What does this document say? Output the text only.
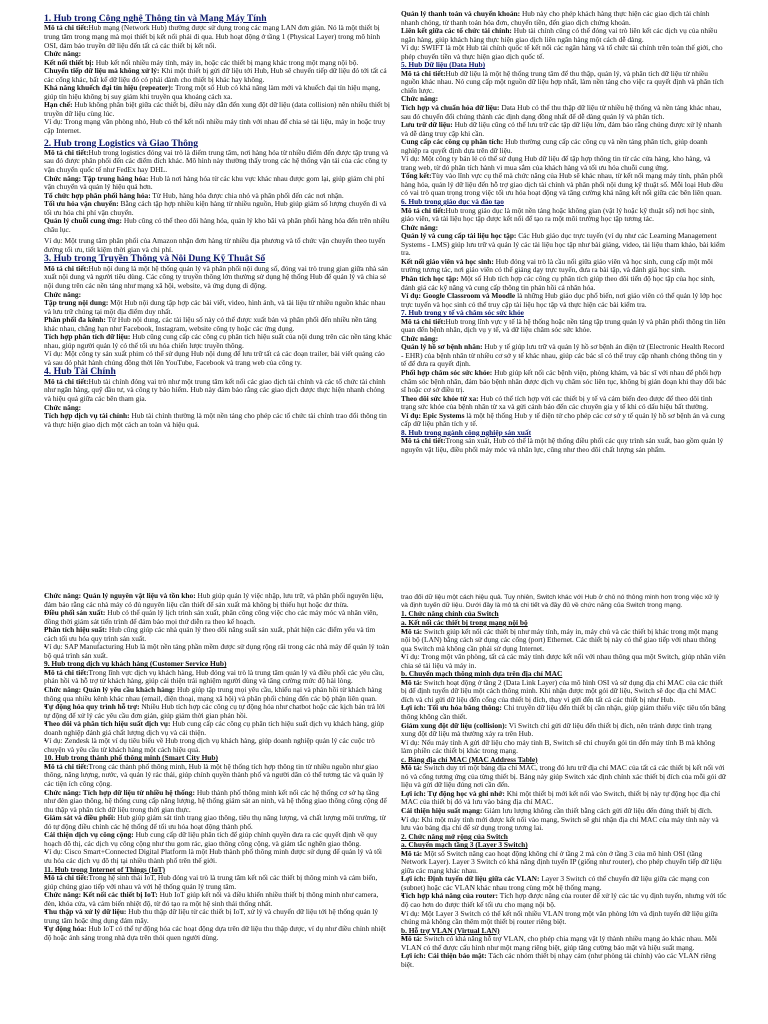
1. Hub trong Công nghệ Thông tin và Mạng Máy Tính

Mô tả chi tiết:Hub mạng (Network Hub) thường được sử dụng trong các mạng LAN đơn giản. Nó là một thiết bị trung tâm trong mạng mà mọi thiết bị kết nối phải đi qua. Hub hoạt động ở tầng 1 (Physical Layer) trong mô hình OSI, đảm bảo truyền dữ liệu đến tất cả các thiết bị kết nối.

Chức năng:

Kết nối thiết bị: Hub kết nối nhiều máy tính, máy in, hoặc các thiết bị mạng khác trong một mạng nội bộ.

Chuyển tiếp dữ liệu mà không xử lý: Khi một thiết bị gửi dữ liệu tới Hub, Hub sẽ chuyển tiếp dữ liệu đó tới tất cả các cổng khác, bất kể dữ liệu đó có phải dành cho thiết bị khác hay không.

Khả năng khuếch đại tín hiệu (repeater): Trong một số Hub có khả năng làm mới và khuếch đại tín hiệu mạng, giúp tín hiệu không bị suy giảm khi truyền qua khoảng cách xa.

Hạn chế: Hub không phân biệt giữa các thiết bị, điều này dẫn đến xung đột dữ liệu (data collision) nên nhiều thiết bị truyền dữ liệu cùng lúc.

Ví dụ: Trong mạng văn phòng nhỏ, Hub có thể kết nối nhiều máy tính với nhau để chia sẻ tài liệu, máy in hoặc truy cập Internet.

2. Hub trong Logistics và Giao Thông

Mô tả chi tiết:Hub trong logistics đóng vai trò là điểm trung tâm, nơi hàng hóa từ nhiều điểm đến được tập trung và sau đó được phân phối đến các điểm đích khác. Mô hình này thường thấy trong các hệ thống vận tải của các công ty vận chuyển quốc tế như FedEx hay DHL.

Chức năng: Tập trung hàng hóa: Hub là nơi hàng hóa từ các khu vực khác nhau được gom lại, giúp giảm chi phí vận chuyển và quản lý hiệu quả hơn.

Tổ chức hợp phân phối hàng hóa: Từ Hub, hàng hóa được chia nhỏ và phân phối đến các nơi nhận.

Tối ưu hóa vận chuyển: Bằng cách tập hợp nhiều kiện hàng từ nhiều nguồn, Hub giúp giảm số lượng chuyến đi và tối ưu hóa chi phí vận chuyển.

Quản lý chuỗi cung ứng: Hub cũng có thể theo dõi hàng hóa, quản lý kho bãi và phân phối hàng hóa đến trên nhiều châu lục.

Ví dụ: Một trung tâm phân phối của Amazon nhận đơn hàng từ nhiều địa phương và tổ chức vận chuyển theo tuyến đường tối ưu, tiết kiệm thời gian và chi phí.

3. Hub trong Truyền Thông và Nội Dung Kỹ Thuật Số

Mô tả chi tiết:Hub nội dung là một hệ thống quản lý và phân phối nội dung số, đóng vai trò trung gian giữa nhà sản xuất nội dung và người tiêu dùng. Các công ty truyền thông lớn thường sử dụng hệ thống Hub để quản lý và chia sẻ nội dung trên các nền tảng như mạng xã hội, website, và ứng dụng di động.

Chức năng:

Tập trung nội dung: Một Hub nội dung tập hợp các bài viết, video, hình ảnh, và tài liệu từ nhiều nguồn khác nhau và lưu trữ chúng tại một địa điểm duy nhất.

Phân phối đa kênh: Từ Hub nội dung, các tài liệu số này có thể được xuất bản và phân phối đến nhiều nền tảng khác nhau, chẳng hạn như Facebook, Instagram, website công ty hoặc các ứng dụng.

Tích hợp phân tích dữ liệu: Hub cũng cung cấp các công cụ phân tích hiệu suất của nội dung trên các nền tảng khác nhau, giúp người quản lý có thể tối ưu hóa chiến lược truyền thông.

Ví dụ: Một công ty sản xuất phim có thể sử dụng Hub nội dung để lưu trữ tất cả các đoạn trailer, bài viết quảng cáo và sau đó phát hành chúng đồng thời lên YouTube, Facebook và trang web của công ty.

4. Hub Tài Chính

Mô tả chi tiết:Hub tài chính đóng vai trò như một trung tâm kết nối các giao dịch tài chính và các tổ chức tài chính như ngân hàng, quỹ đầu tư, và công ty bảo hiểm. Hub này đảm bảo rằng các giao dịch được thực hiện nhanh chóng và hiệu quả giữa các bên tham gia.

Chức năng:

Tích hợp dịch vụ tài chính: Hub tài chính thường là một nền tảng cho phép các tổ chức tài chính trao đổi thông tin và thực hiện giao dịch một cách an toàn và hiệu quả.

Quản lý thanh toán và chuyển khoản: Hub này cho phép khách hàng thực hiện các giao dịch tài chính nhanh chóng, từ thanh toán hóa đơn, chuyển tiền, đến giao dịch chứng khoán.

Liên kết giữa các tổ chức tài chính: Hub tài chính cũng có thể đóng vai trò liên kết các dịch vụ của nhiều ngân hàng, giúp khách hàng thực hiện giao dịch liên ngân hàng một cách dễ dàng.

Ví dụ: SWIFT là một Hub tài chính quốc tế kết nối các ngân hàng và tổ chức tài chính trên toàn thế giới, cho phép chuyển tiền và thực hiện giao dịch quốc tế.

5. Hub Dữ liệu (Data Hub)

Mô tả chi tiết:Hub dữ liệu là một hệ thống trung tâm để thu thập, quản lý, và phân tích dữ liệu từ nhiều nguồn khác nhau. Nó cung cấp một nguồn dữ liệu hợp nhất, làm nền tảng cho việc ra quyết định và phân tích chiến lược.

Chức năng:

Tích hợp và chuẩn hóa dữ liệu: Data Hub có thể thu thập dữ liệu từ nhiều hệ thống và nền tảng khác nhau, sau đó chuyển đổi chúng thành các định dạng đồng nhất để dễ dàng quản lý và phân tích.

Lưu trữ dữ liệu: Hub dữ liệu cũng có thể lưu trữ các tập dữ liệu lớn, đảm bảo rằng chúng được xử lý nhanh và dễ dàng truy cập khi cần.

Cung cấp các công cụ phân tích: Hub thường cung cấp các công cụ và nền tảng phân tích, giúp doanh nghiệp ra quyết định dựa trên dữ liệu.

Ví dụ: Một công ty bán lẻ có thể sử dụng Hub dữ liệu để tập hợp thông tin từ các cửa hàng, kho hàng, và trang web, từ đó phân tích hành vi mua sắm của khách hàng và tối ưu hóa chuỗi cung ứng.

Tổng kết:Tùy vào lĩnh vực cụ thể mà chức năng của Hub sẽ khác nhau, từ kết nối mạng máy tính, phân phối hàng hóa, quản lý dữ liệu đến hỗ trợ giao dịch tài chính và phân phối nội dung kỹ thuật số. Mỗi loại Hub đều có vai trò quan trọng trong việc tối ưu hóa hoạt động và tăng cường khả năng kết nối giữa các bên liên quan.

6. Hub trong giáo dục và đào tạo

Mô tả chi tiết:Hub trong giáo dục là một nền tảng hoặc không gian (vật lý hoặc kỹ thuật số) nơi học sinh, giáo viên, và tài liệu học tập được kết nối để tạo ra một môi trường học tập tương tác.

Chức năng:

Quản lý và cung cấp tài liệu học tập: Các Hub giáo dục trực tuyến (ví dụ như các Learning Management Systems - LMS) giúp lưu trữ và quản lý các tài liệu học tập như bài giảng, video, tài liệu tham khảo, bài kiểm tra.

Kết nối giáo viên và học sinh: Hub đóng vai trò là cầu nối giữa giáo viên và học sinh, cung cấp một môi trường tương tác, nơi giáo viên có thể giảng dạy trực tuyến, đưa ra bài tập, và đánh giá học sinh.

Phân tích học tập: Một số Hub tích hợp các công cụ phân tích giúp theo dõi tiến độ học tập của học sinh, đánh giá các kỹ năng và cung cấp thông tin phản hồi cá nhân hóa.

Ví dụ: Google Classroom và Moodle là những Hub giáo dục phổ biến, nơi giáo viên có thể quản lý lớp học trực tuyến và học sinh có thể truy cập tài liệu học tập và thực hiện các bài kiểm tra.

7. Hub trong y tế và chăm sóc sức khỏe

Mô tả chi tiết:Hub trong lĩnh vực y tế là hệ thống hoặc nền tảng tập trung quản lý và phân phối thông tin liên quan đến bệnh nhân, dịch vụ y tế, và dữ liệu chăm sóc sức khỏe.

Chức năng:

Quản lý hồ sơ bệnh nhân: Hub y tế giúp lưu trữ và quản lý hồ sơ bệnh án điện tử (Electronic Health Record - EHR) của bệnh nhân từ nhiều cơ sở y tế khác nhau, giúp các bác sĩ có thể truy cập nhanh chóng thông tin y tế để đưa ra quyết định.

Phối hợp chăm sóc sức khỏe: Hub giúp kết nối các bệnh viện, phòng khám, và bác sĩ với nhau để phối hợp chăm sóc bệnh nhân, đảm bảo bệnh nhân được dịch vụ chăm sóc liên tục, không bị gián đoạn khi thay đổi bác sĩ hoặc cơ sở điều trị.

Theo dõi sức khỏe từ xa: Hub có thể tích hợp với các thiết bị y tế và cảm biến đeo được để theo dõi tình trạng sức khỏe của bệnh nhân từ xa và gửi cảnh báo đến các chuyên gia y tế khi có dấu hiệu bất thường.

Ví dụ: Epic Systems là một hệ thống Hub y tế điện tử cho phép các cơ sở y tế quản lý hồ sơ bệnh án và cung cấp dữ liệu phân tích y tế.

8. Hub trong ngành công nghiệp sản xuất

Mô tả chi tiết:Trong sản xuất, Hub có thể là một hệ thống điều phối các quy trình sản xuất, bao gồm quản lý nguyên vật liệu, điều phối máy móc và nhân lực, cũng như theo dõi chất lượng sản phẩm.

• Chức năng: Quản lý nguyên vật liệu và tồn kho: Hub giúp quản lý việc nhập, lưu trữ, và phân phối nguyên liệu, đảm bảo rằng các nhà máy có đủ nguyên liệu cần thiết để sản xuất mà không bị thiếu hụt hoặc dư thừa.

• Điều phối sản xuất: Hub có thể quản lý lịch trình sản xuất, phân công công việc cho các máy móc và nhân viên, đồng thời giám sát tiến trình để đảm bảo mọi thứ diễn ra theo kế hoạch.

• Phân tích hiệu suất: Hub cũng giúp các nhà quản lý theo dõi năng suất sản xuất, phát hiện các điểm yếu và tìm cách tối ưu hóa quy trình sản xuất.

• Ví dụ: SAP Manufacturing Hub là một nền tảng phần mềm được sử dụng rộng rãi trong các nhà máy để quản lý toàn bộ quá trình sản xuất.

9. Hub trong dịch vụ khách hàng (Customer Service Hub)

• Mô tả chi tiết:Trong lĩnh vực dịch vụ khách hàng, Hub đóng vai trò là trung tâm quản lý và điều phối các yêu cầu, phản hồi và hỗ trợ từ khách hàng, giúp cải thiện trải nghiệm người dùng và tăng cường mức độ hài lòng.

• Chức năng: Quản lý yêu cầu khách hàng: Hub giúp tập trung mọi yêu cầu, khiếu nại và phản hồi từ khách hàng thông qua nhiều kênh khác nhau (email, điện thoại, mạng xã hội) và phân phối chúng đến các bộ phận liên quan.

• Tự động hóa quy trình hỗ trợ: Nhiều Hub tích hợp các công cụ tự động hóa như chatbot hoặc các kịch bản trả lời tự động để xử lý các yêu cầu đơn giản, giúp giảm thời gian phản hồi.

• Theo dõi và phân tích hiệu suất dịch vụ: Hub cung cấp các công cụ phân tích hiệu suất dịch vụ khách hàng, giúp doanh nghiệp đánh giá chất lượng dịch vụ và cải thiện.

• Ví dụ: Zendesk là một ví dụ tiêu biểu về Hub trong dịch vụ khách hàng, giúp doanh nghiệp quản lý các cuộc trò chuyện và yêu cầu từ khách hàng một cách hiệu quả.

10. Hub trong thành phố thông minh (Smart City Hub)

• Mô tả chi tiết:Trong các thành phố thông minh, Hub là một hệ thống tích hợp thông tin từ nhiều nguồn như giao thông, năng lượng, nước, và quản lý rác thải, giúp chính quyền thành phố và người dân có thể tương tác và quản lý các tiện ích công cộng.

• Chức năng: Tích hợp dữ liệu từ nhiều hệ thống: Hub thành phố thông minh kết nối các hệ thống cơ sở hạ tầng như đèn giao thông, hệ thống cung cấp năng lượng, hệ thống giám sát an ninh, và hệ thống giao thông công cộng để thu thập và phân tích dữ liệu trong thời gian thực.

• Giám sát và điều phối: Hub giúp giám sát tình trạng giao thông, tiêu thụ năng lượng, và chất lượng môi trường, từ đó tự động điều chỉnh các hệ thống để tối ưu hóa hoạt động thành phố.

• Cải thiện dịch vụ công cộng: Hub cung cấp dữ liệu phân tích để giúp chính quyền đưa ra các quyết định về quy hoạch đô thị, các dịch vụ công cộng như thu gom rác, giao thông công cộng, và giảm tắc nghẽn giao thông.

• Ví dụ: Cisco Smart+Connected Digital Platform là một Hub thành phố thông minh được sử dụng để quản lý và tối ưu hóa các dịch vụ đô thị tại nhiều thành phố trên thế giới.

11. Hub trong Internet of Things (IoT)

• Mô tả chi tiết:Trong hệ sinh thái IoT, Hub đóng vai trò là trung tâm kết nối các thiết bị thông minh và cảm biến, giúp chúng giao tiếp với nhau và với hệ thống quản lý trung tâm.

• Chức năng: Kết nối các thiết bị IoT: Hub IoT giúp kết nối và điều khiển nhiều thiết bị thông minh như camera, đèn, khóa cửa, và cảm biến nhiệt độ, từ đó tạo ra một hệ sinh thái thống nhất.

• Thu thập và xử lý dữ liệu: Hub thu thập dữ liệu từ các thiết bị IoT, xử lý và chuyển dữ liệu tới hệ thống quản lý trung tâm hoặc ứng dụng đám mây.

• Tự động hóa: Hub IoT có thể tự động hóa các hoạt động dựa trên dữ liệu thu thập được, ví dụ như điều chỉnh nhiệt độ hoặc ánh sáng trong nhà dựa trên thói quen người dùng.

trao đổi dữ liệu một cách hiệu quả. Tuy nhiên, Switch khác với Hub ở chỗ nó thông minh hơn trong việc xử lý và định tuyến dữ liệu. Dưới đây là mô tả chi tiết và đầy đủ về chức năng của Switch trong mạng.

1. Chức năng chính của Switch

a. Kết nối các thiết bị trong mạng nội bộ

• Mô tả: Switch giúp kết nối các thiết bị như máy tính, máy in, máy chủ và các thiết bị khác trong một mạng nội bộ (LAN) bằng cách sử dụng các cổng (port) Ethernet. Các thiết bị này có thể giao tiếp với nhau thông qua Switch mà không cần phải sử dụng Internet.

• Ví dụ: Trong một văn phòng, tất cả các máy tính được kết nối với nhau thông qua một Switch, giúp nhân viên chia sẻ tài liệu và máy in.

b. Chuyển mạch thông minh dựa trên địa chỉ MAC

• Mô tả: Switch hoạt động ở tầng 2 (Data Link Layer) của mô hình OSI và sử dụng địa chỉ MAC của các thiết bị để định tuyến dữ liệu một cách thông minh. Khi nhận được một gói dữ liệu, Switch sẽ đọc địa chỉ MAC đích và chỉ gửi dữ liệu đến cổng của thiết bị đích, thay vì gửi đến tất cả các thiết bị như Hub.

• Lợi ích: Tối ưu hóa băng thông: Chỉ truyền dữ liệu đến thiết bị cần nhận, giúp giảm thiểu việc tiêu tốn băng thông không cần thiết.

• Giảm xung đột dữ liệu (collision): Vì Switch chỉ gửi dữ liệu đến thiết bị đích, nên tránh được tình trạng xung đột dữ liệu mà thường xảy ra trên Hub.

• Ví dụ: Nếu máy tính A gửi dữ liệu cho máy tính B, Switch sẽ chỉ chuyển gói tin đến máy tính B mà không làm phiền các thiết bị khác trong mạng.

c. Bảng địa chỉ MAC (MAC Address Table)

• Mô tả: Switch duy trì một bảng địa chỉ MAC, trong đó lưu trữ địa chỉ MAC của tất cả các thiết bị kết nối với nó và cổng tương ứng của từng thiết bị. Bảng này giúp Switch xác định chính xác thiết bị đích của mỗi gói dữ liệu và gửi dữ liệu đúng nơi cần đến.

• Lợi ích: Tự động học và ghi nhớ: Khi một thiết bị mới kết nối vào Switch, thiết bị này tự động học địa chỉ MAC của thiết bị đó và lưu vào bảng địa chỉ MAC.

• Cải thiện hiệu suất mạng: Giảm lưu lượng không cần thiết bằng cách gửi dữ liệu đến đúng thiết bị đích.

• Ví dụ: Khi một máy tính mới được kết nối vào mạng, Switch sẽ ghi nhận địa chỉ MAC của máy tính này và lưu vào bảng địa chỉ để sử dụng trong tương lai.

2. Chức năng mở rộng của Switch

a. Chuyển mạch tầng 3 (Layer 3 Switch)

• Mô tả: Một số Switch nâng cao hoạt động không chỉ ở tầng 2 mà còn ở tầng 3 của mô hình OSI (tầng Network Layer). Layer 3 Switch có khả năng định tuyến IP (giống như router), cho phép chuyển tiếp dữ liệu giữa các mạng khác nhau.

• Lợi ích: Định tuyến dữ liệu giữa các VLAN: Layer 3 Switch có thể chuyển dữ liệu giữa các mạng con (subnet) hoặc các VLAN khác nhau trong cùng một hệ thống mạng.

• Tích hợp khả năng của router: Tích hợp được năng của router để xử lý các tác vụ định tuyến, nhưng với tốc độ cao hơn do được thiết kế tối ưu cho mạng nội bộ.

• Ví dụ: Một Layer 3 Switch có thể kết nối nhiều VLAN trong một văn phòng lớn và định tuyến dữ liệu giữa chúng mà không cần thêm một thiết bị router riêng biệt.

b. Hỗ trợ VLAN (Virtual LAN)

• Mô tả: Switch có khả năng hỗ trợ VLAN, cho phép chia mạng vật lý thành nhiều mạng ảo khác nhau. Mỗi VLAN có thể được cấu hình như một mạng riêng biệt, giúp tăng cường bảo mật và hiệu suất mạng.

• Lợi ích: Cải thiện bảo mật: Tách các nhóm thiết bị nhạy cảm (như phòng tài chính) vào các VLAN riêng biệt.
